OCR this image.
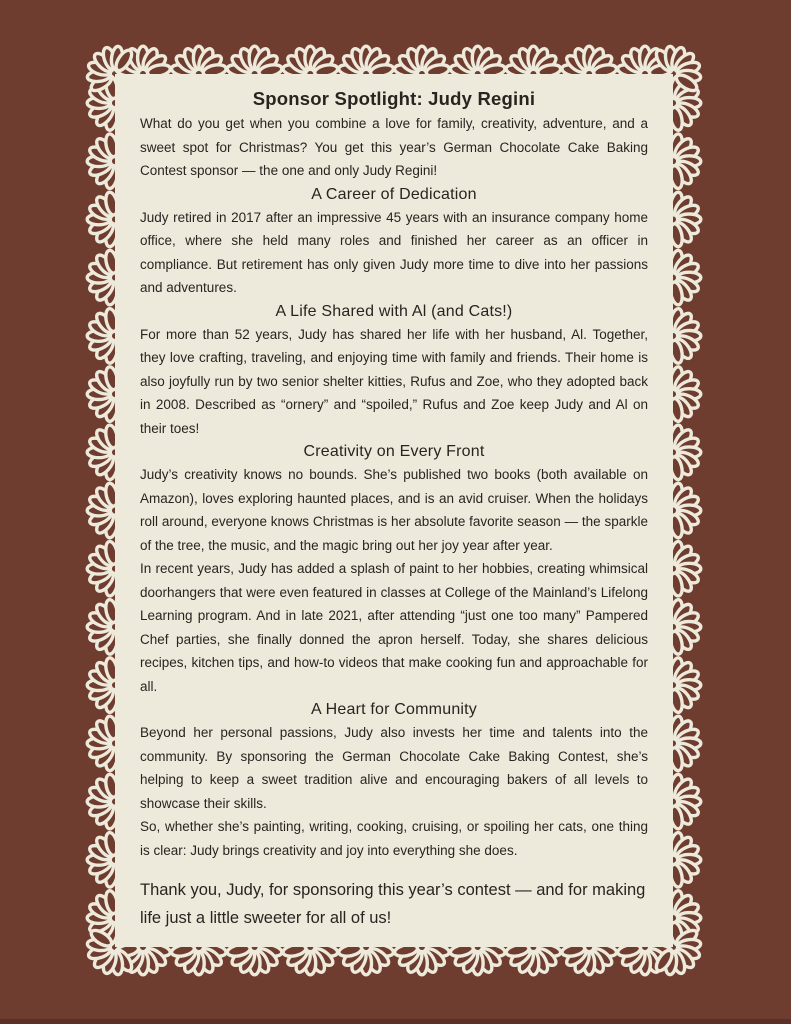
Sponsor Spotlight: Judy Regini

What do you get when you combine a love for family, creativity, adventure, and a sweet spot for Christmas? You get this year’s German Chocolate Cake Baking Contest sponsor — the one and only Judy Regini!

A Career of Dedication

Judy retired in 2017 after an impressive 45 years with an insurance company home office, where she held many roles and finished her career as an officer in compliance. But retirement has only given Judy more time to dive into her passions and adventures.

A Life Shared with Al (and Cats!)

For more than 52 years, Judy has shared her life with her husband, Al. Together, they love crafting, traveling, and enjoying time with family and friends. Their home is also joyfully run by two senior shelter kitties, Rufus and Zoe, who they adopted back in 2008. Described as “ornery” and “spoiled,” Rufus and Zoe keep Judy and Al on their toes!

Creativity on Every Front

Judy’s creativity knows no bounds. She’s published two books (both available on Amazon), loves exploring haunted places, and is an avid cruiser. When the holidays roll around, everyone knows Christmas is her absolute favorite season — the sparkle of the tree, the music, and the magic bring out her joy year after year.

In recent years, Judy has added a splash of paint to her hobbies, creating whimsical doorhangers that were even featured in classes at College of the Mainland’s Lifelong Learning program. And in late 2021, after attending “just one too many” Pampered Chef parties, she finally donned the apron herself. Today, she shares delicious recipes, kitchen tips, and how-to videos that make cooking fun and approachable for all.

A Heart for Community

Beyond her personal passions, Judy also invests her time and talents into the community. By sponsoring the German Chocolate Cake Baking Contest, she’s helping to keep a sweet tradition alive and encouraging bakers of all levels to showcase their skills.

So, whether she’s painting, writing, cooking, cruising, or spoiling her cats, one thing is clear: Judy brings creativity and joy into everything she does.

Thank you, Judy, for sponsoring this year’s contest — and for making life just a little sweeter for all of us!
